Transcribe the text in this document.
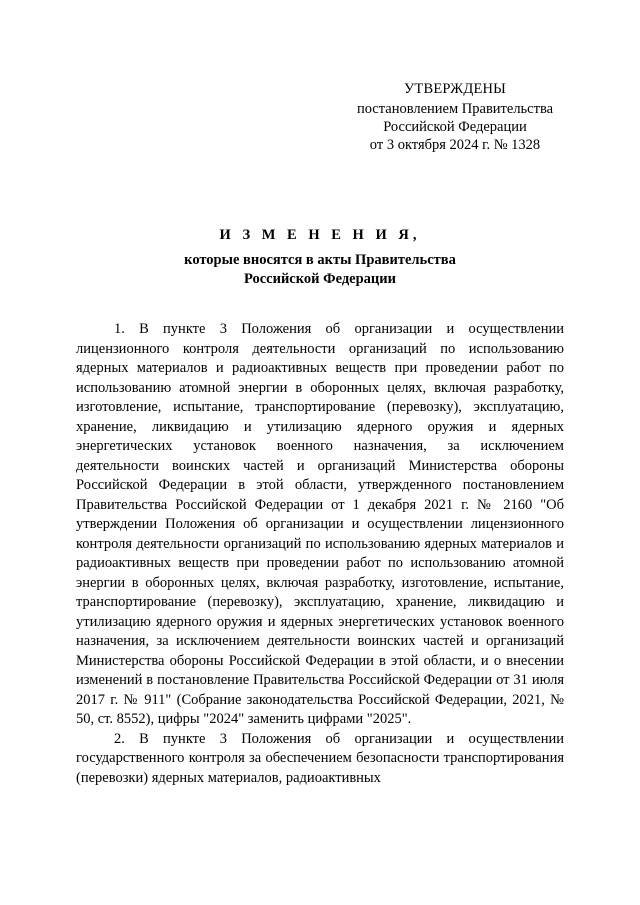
УТВЕРЖДЕНЫ
постановлением Правительства
Российской Федерации
от 3 октября 2024 г. № 1328
И З М Е Н Е Н И Я,
которые вносятся в акты Правительства
Российской Федерации

1. В пункте 3 Положения об организации и осуществлении лицензионного контроля деятельности организаций по использованию ядерных материалов и радиоактивных веществ при проведении работ по использованию атомной энергии в оборонных целях, включая разработку, изготовление, испытание, транспортирование (перевозку), эксплуатацию, хранение, ликвидацию и утилизацию ядерного оружия и ядерных энергетических установок военного назначения, за исключением деятельности воинских частей и организаций Министерства обороны Российской Федерации в этой области, утвержденного постановлением Правительства Российской Федерации от 1 декабря 2021 г. № 2160 "Об утверждении Положения об организации и осуществлении лицензионного контроля деятельности организаций по использованию ядерных материалов и радиоактивных веществ при проведении работ по использованию атомной энергии в оборонных целях, включая разработку, изготовление, испытание, транспортирование (перевозку), эксплуатацию, хранение, ликвидацию и утилизацию ядерного оружия и ядерных энергетических установок военного назначения, за исключением деятельности воинских частей и организаций Министерства обороны Российской Федерации в этой области, и о внесении изменений в постановление Правительства Российской Федерации от 31 июля 2017 г. № 911" (Собрание законодательства Российской Федерации, 2021, № 50, ст. 8552), цифры "2024" заменить цифрами "2025".

2. В пункте 3 Положения об организации и осуществлении государственного контроля за обеспечением безопасности транспортирования (перевозки) ядерных материалов, радиоактивных
